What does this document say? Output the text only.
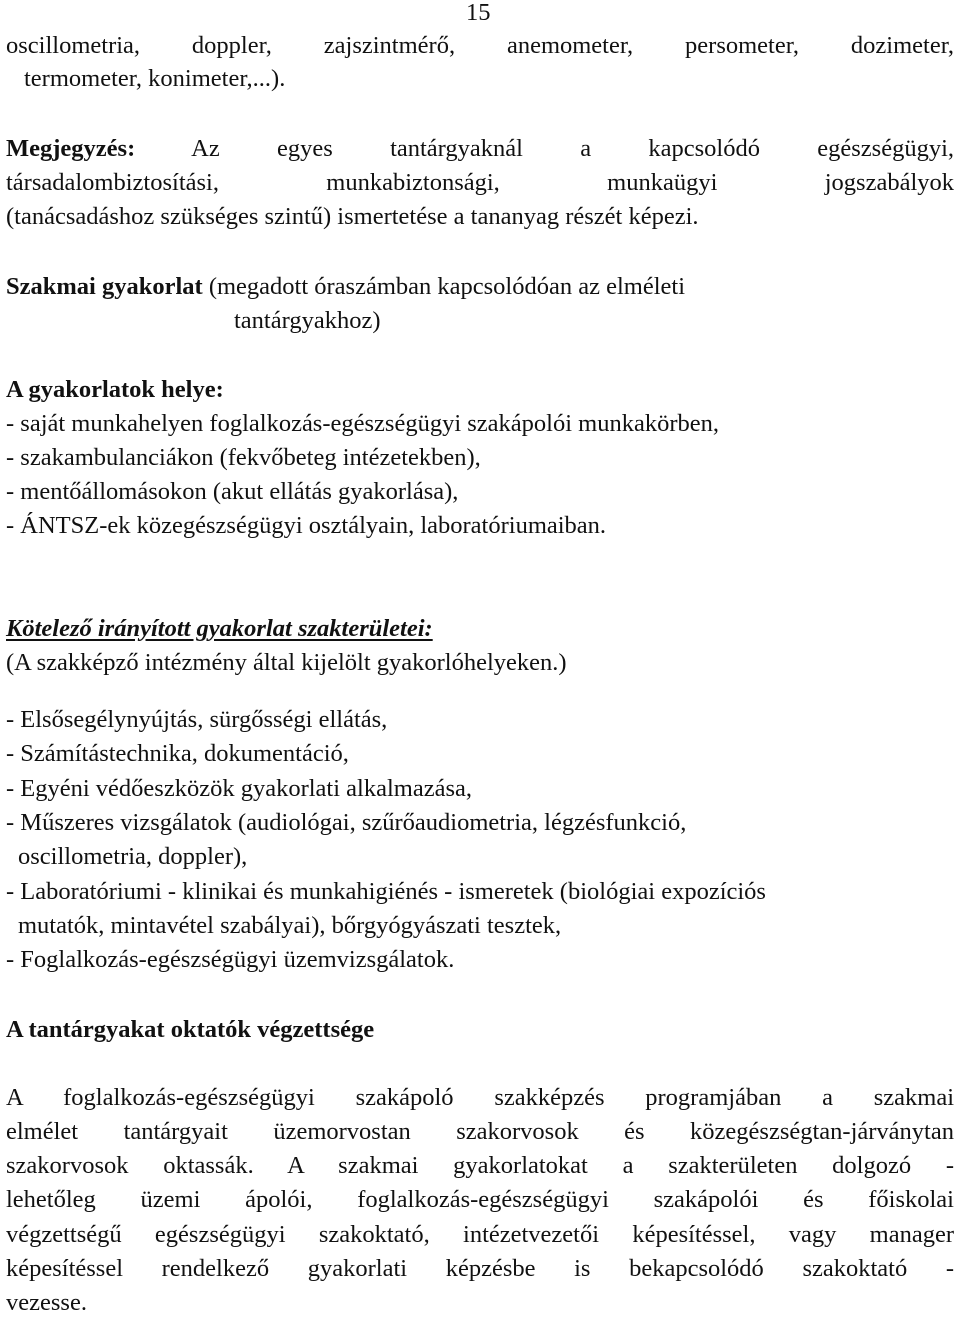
15
oscillometria, doppler, zajszintmérő, anemometer, persometer, dozimeter,
termometer, konimeter,...).
Megjegyzés: Az egyes tantárgyaknál a kapcsolódó egészségügyi,
társadalombiztosítási, munkabiztonsági, munkaügyi jogszabályok
(tanácsadáshoz szükséges szintű) ismertetése a tananyag részét képezi.
Szakmai gyakorlat (megadott óraszámban kapcsolódóan az elméleti
tantárgyakhoz)
A gyakorlatok helye:
- saját munkahelyen foglalkozás-egészségügyi szakápolói munkakörben,
- szakambulanciákon (fekvőbeteg intézetekben),
- mentőállomásokon (akut ellátás gyakorlása),
- ÁNTSZ-ek közegészségügyi osztályain, laboratóriumaiban.
Kötelező irányított gyakorlat szakterületei:
(A szakképző intézmény által kijelölt gyakorlóhelyeken.)
- Elsősegélynyújtás, sürgősségi ellátás,
- Számítástechnika, dokumentáció,
- Egyéni védőeszközök gyakorlati alkalmazása,
- Műszeres vizsgálatok (audiológai, szűrőaudiometria, légzésfunkció,
oscillometria, doppler),
- Laboratóriumi - klinikai és munkahigiénés - ismeretek (biológiai expozíciós
mutatók, mintavétel szabályai), bőrgyógyászati tesztek,
- Foglalkozás-egészségügyi üzemvizsgálatok.
A tantárgyakat oktatók végzettsége
A foglalkozás-egészségügyi szakápoló szakképzés programjában a szakmai
elmélet tantárgyait üzemorvostan szakorvosok és közegészségtan-járványtan
szakorvosok oktassák. A szakmai gyakorlatokat a szakterületen dolgozó -
lehetőleg üzemi ápolói, foglalkozás-egészségügyi szakápolói és főiskolai
végzettségű egészségügyi szakoktató, intézetvezetői képesítéssel, vagy manager
képesítéssel rendelkező gyakorlati képzésbe is bekapcsolódó szakoktató -
vezesse.
